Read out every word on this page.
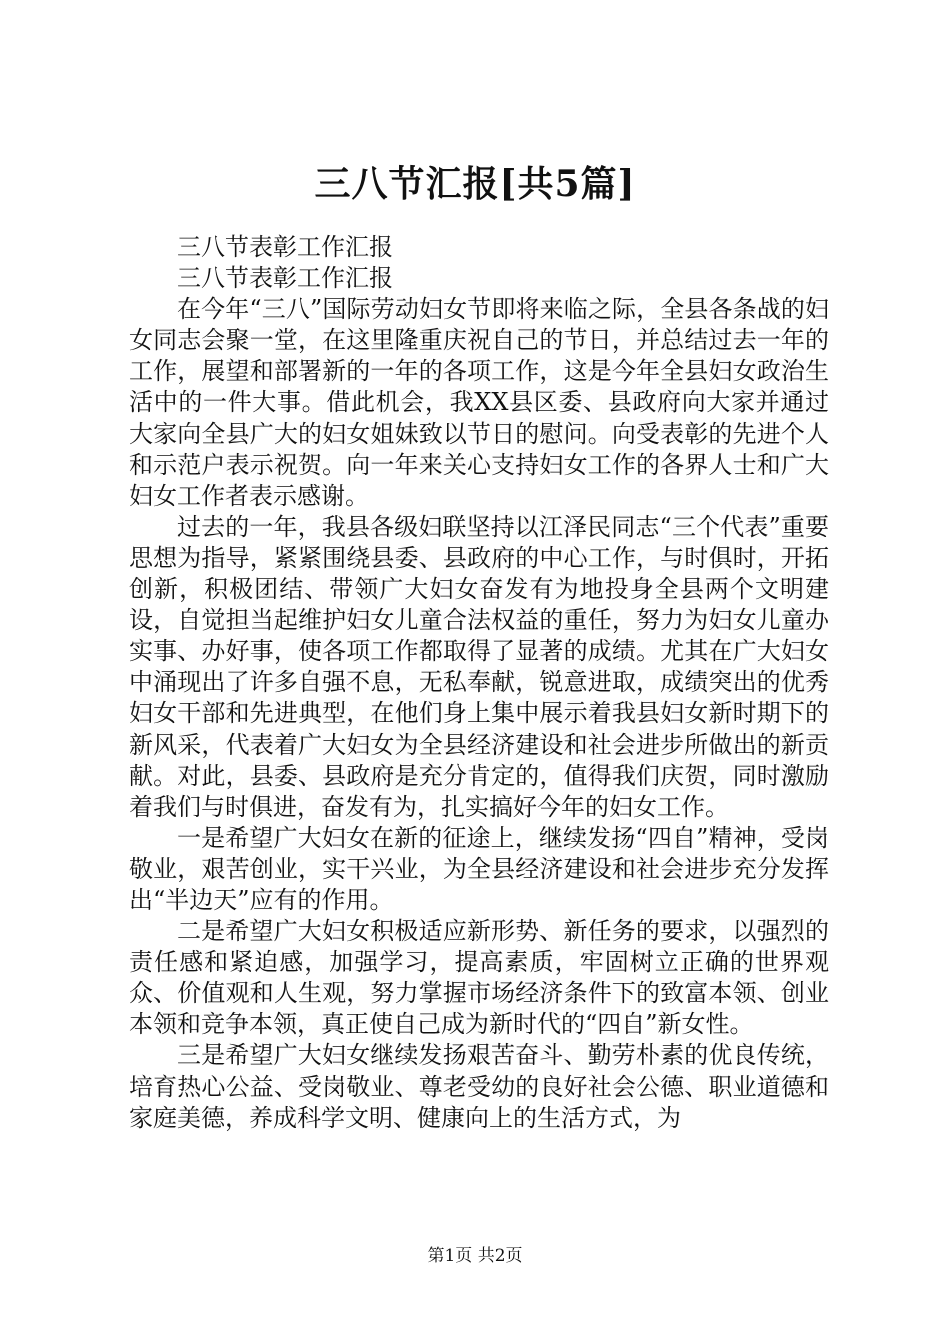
三八节汇报[共5篇]

三八节表彰工作汇报

三八节表彰工作汇报

在今年“三八”国际劳动妇女节即将来临之际，全县各条战的妇女同志会聚一堂，在这里隆重庆祝自己的节日，并总结过去一年的工作，展望和部署新的一年的各项工作，这是今年全县妇女政治生活中的一件大事。借此机会，我XX县区委、县政府向大家并通过大家向全县广大的妇女姐妹致以节日的慰问。向受表彰的先进个人和示范户表示祝贺。向一年来关心支持妇女工作的各界人士和广大妇女工作者表示感谢。

过去的一年，我县各级妇联坚持以江泽民同志“三个代表”重要思想为指导，紧紧围绕县委、县政府的中心工作，与时俱时，开拓创新，积极团结、带领广大妇女奋发有为地投身全县两个文明建设，自觉担当起维护妇女儿童合法权益的重任，努力为妇女儿童办实事、办好事，使各项工作都取得了显著的成绩。尤其在广大妇女中涌现出了许多自强不息，无私奉献，锐意进取，成绩突出的优秀妇女干部和先进典型，在他们身上集中展示着我县妇女新时期下的新风采，代表着广大妇女为全县经济建设和社会进步所做出的新贡献。对此，县委、县政府是充分肯定的，值得我们庆贺，同时激励着我们与时俱进，奋发有为，扎实搞好今年的妇女工作。

一是希望广大妇女在新的征途上，继续发扬“四自”精神，受岗敬业，艰苦创业，实干兴业，为全县经济建设和社会进步充分发挥出“半边天”应有的作用。

二是希望广大妇女积极适应新形势、新任务的要求，以强烈的责任感和紧迫感，加强学习，提高素质，牢固树立正确的世界观众、价值观和人生观，努力掌握市场经济条件下的致富本领、创业本领和竞争本领，真正使自己成为新时代的“四自”新女性。

三是希望广大妇女继续发扬艰苦奋斗、勤劳朴素的优良传统，培育热心公益、受岗敬业、尊老受幼的良好社会公德、职业道德和家庭美德，养成科学文明、健康向上的生活方式，为

第1页 共2页
